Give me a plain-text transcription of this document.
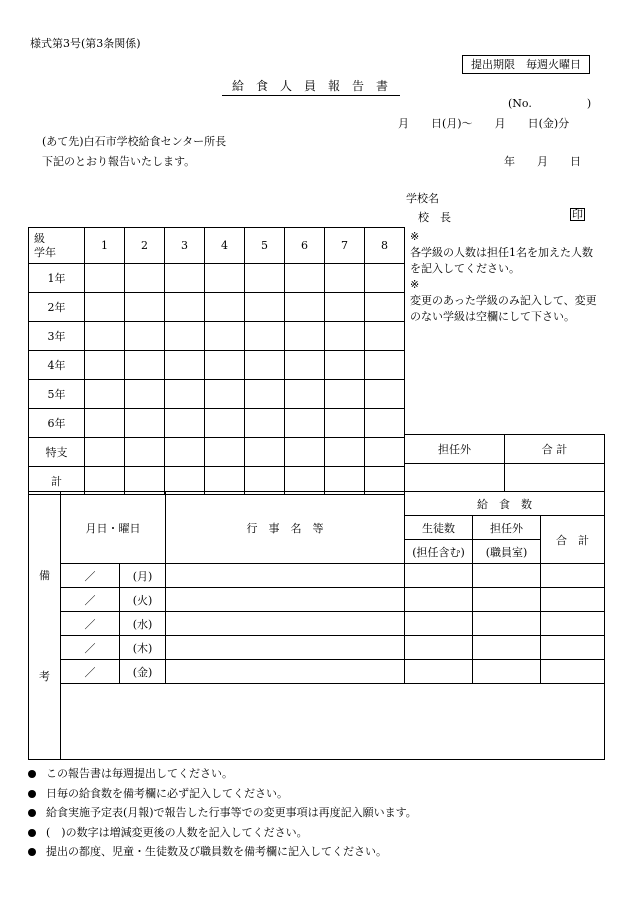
様式第3号(第3条関係)
提出期限　毎週火曜日
給　食　人　員　報　告　書
(No.　　　　　)
月　　日(月)～　　月　　日(金)分
(あて先)白石市学校給食センター所長
下記のとおり報告いたします。	年　　月　　日
学校名
校　長	印
級
学年	1	2	3	4	5	6	7	8
1年								
2年								
3年								
4年								
5年								
6年								
特支								
計								
※
各学級の人数は担任1名を加えた人数を記入してください。
※
変更のあった学級のみ記入して、変更のない学級は空欄にして下さい。
担任外	合 計

備
考	月日・曜日		行　事　名　等	給　食　数		
				生徒数	担任外	合　計
				(担任含む)	(職員室)	
	／	(月)				
	／	(火)				
	／	(水)				
	／	(木)				
	／	(金)				

この報告書は毎週提出してください。
日毎の給食数を備考欄に必ず記入してください。
給食実施予定表(月報)で報告した行事等での変更事項は再度記入願います。
(　)の数字は増減変更後の人数を記入してください。
提出の都度、児童・生徒数及び職員数を備考欄に記入してください。
